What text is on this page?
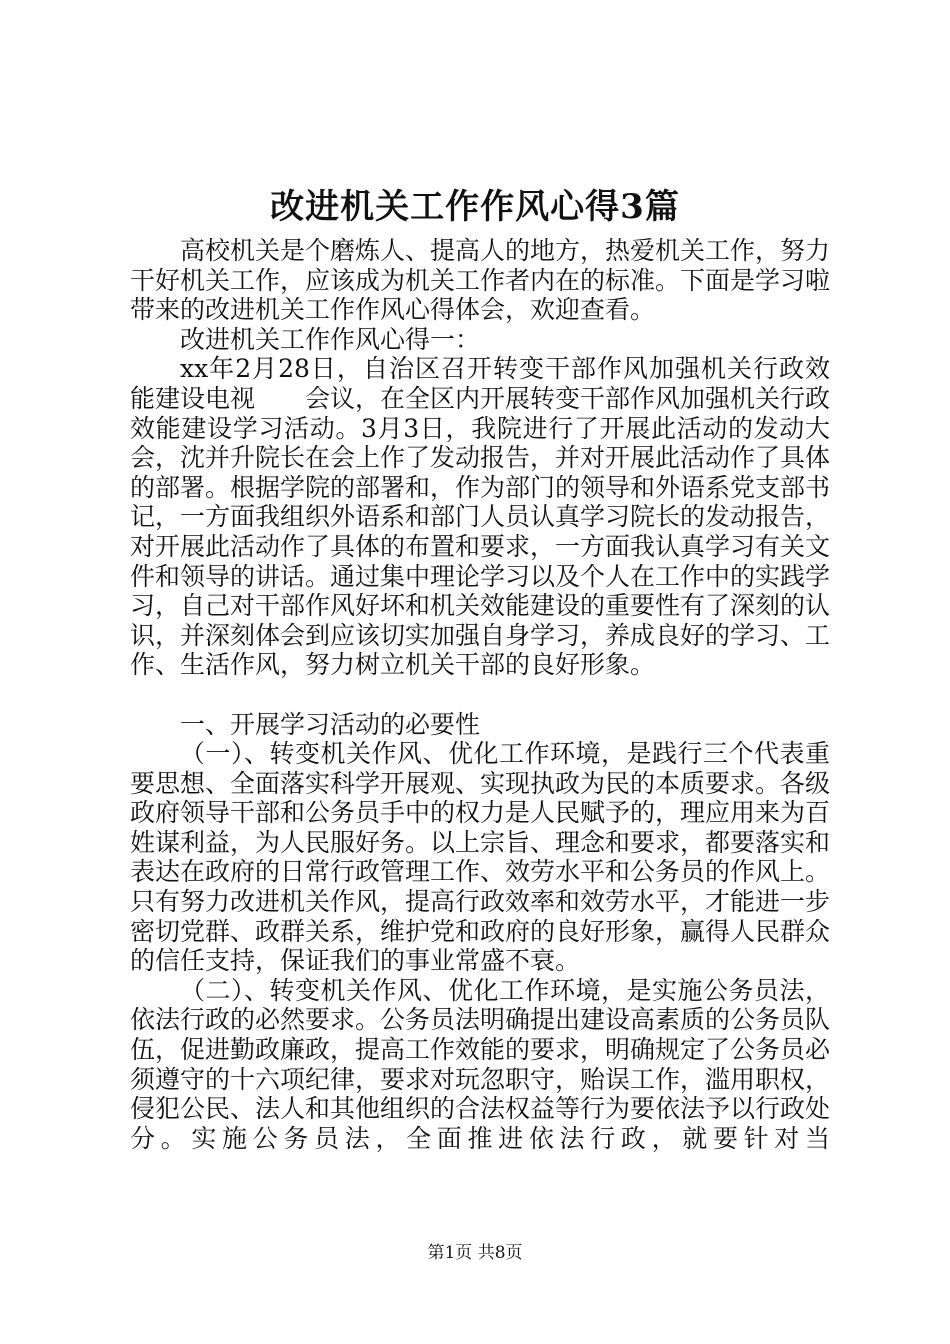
改进机关工作作风心得3篇

高校机关是个磨炼人、提高人的地方，热爱机关工作，努力干好机关工作，应该成为机关工作者内在的标准。下面是学习啦带来的改进机关工作作风心得体会，欢迎查看。

改进机关工作作风心得一：

xx年2月28日，自治区召开转变干部作风加强机关行政效能建设电视　　会议，在全区内开展转变干部作风加强机关行政效能建设学习活动。3月3日，我院进行了开展此活动的发动大会，沈并升院长在会上作了发动报告，并对开展此活动作了具体的部署。根据学院的部署和，作为部门的领导和外语系党支部书记，一方面我组织外语系和部门人员认真学习院长的发动报告，对开展此活动作了具体的布置和要求，一方面我认真学习有关文件和领导的讲话。通过集中理论学习以及个人在工作中的实践学习，自己对干部作风好坏和机关效能建设的重要性有了深刻的认识，并深刻体会到应该切实加强自身学习，养成良好的学习、工作、生活作风，努力树立机关干部的良好形象。

一、开展学习活动的必要性

（一）、转变机关作风、优化工作环境，是践行三个代表重要思想、全面落实科学开展观、实现执政为民的本质要求。各级政府领导干部和公务员手中的权力是人民赋予的，理应用来为百姓谋利益，为人民服好务。以上宗旨、理念和要求，都要落实和表达在政府的日常行政管理工作、效劳水平和公务员的作风上。只有努力改进机关作风，提高行政效率和效劳水平，才能进一步密切党群、政群关系，维护党和政府的良好形象，赢得人民群众的信任支持，保证我们的事业常盛不衰。

（二）、转变机关作风、优化工作环境，是实施公务员法，依法行政的必然要求。公务员法明确提出建设高素质的公务员队伍，促进勤政廉政，提高工作效能的要求，明确规定了公务员必须遵守的十六项纪律，要求对玩忽职守，贻误工作，滥用职权，侵犯公民、法人和其他组织的合法权益等行为要依法予以行政处分。实施公务员法，全面推进依法行政，就要针对当

第1页 共8页
